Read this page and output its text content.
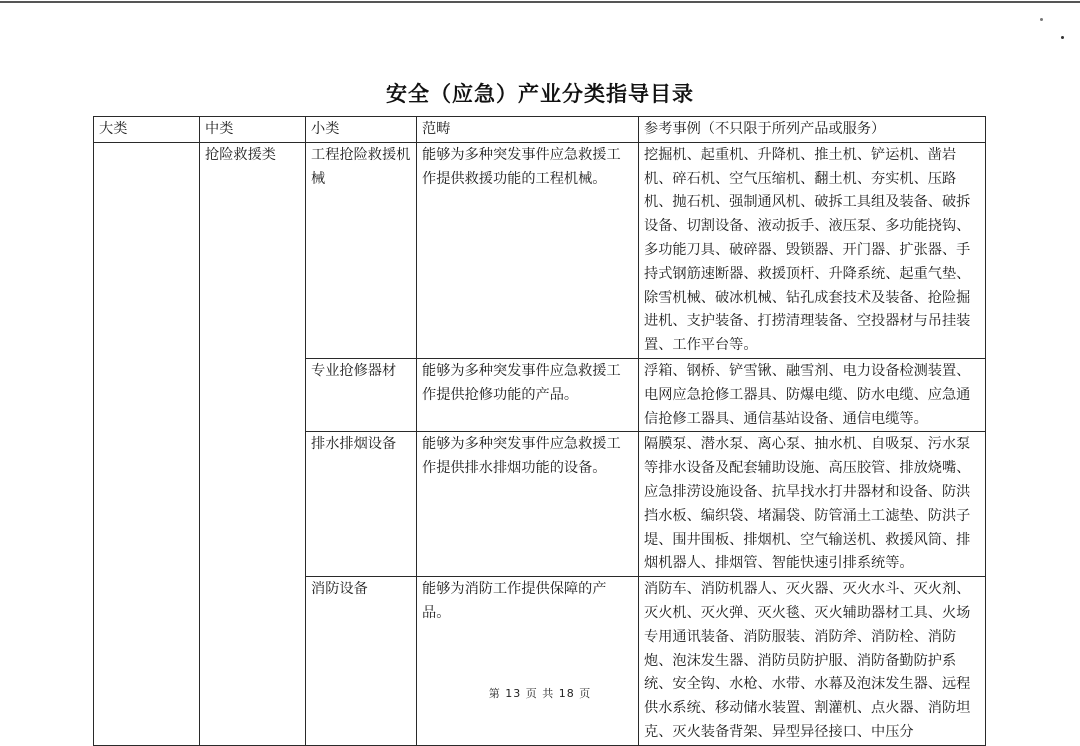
安全（应急）产业分类指导目录
大类	中类	小类	范畴	参考事例（不只限于所列产品或服务）
	抢险救援类	工程抢险救援机械	能够为多种突发事件应急救援工作提供救援功能的工程机械。	挖掘机、起重机、升降机、推土机、铲运机、凿岩机、碎石机、空气压缩机、翻土机、夯实机、压路机、抛石机、强制通风机、破拆工具组及装备、破拆设备、切割设备、液动扳手、液压泵、多功能挠钩、多功能刀具、破碎器、毁锁器、开门器、扩张器、手持式钢筋速断器、救援顶杆、升降系统、起重气垫、除雪机械、破冰机械、钻孔成套技术及装备、抢险掘进机、支护装备、打捞清理装备、空投器材与吊挂装置、工作平台等。
		专业抢修器材	能够为多种突发事件应急救援工作提供抢修功能的产品。	浮箱、钢桥、铲雪锹、融雪剂、电力设备检测装置、电网应急抢修工器具、防爆电缆、防水电缆、应急通信抢修工器具、通信基站设备、通信电缆等。
		排水排烟设备	能够为多种突发事件应急救援工作提供排水排烟功能的设备。	隔膜泵、潜水泵、离心泵、抽水机、自吸泵、污水泵等排水设备及配套辅助设施、高压胶管、排放烧嘴、应急排涝设施设备、抗旱找水打井器材和设备、防洪挡水板、编织袋、堵漏袋、防管涌土工滤垫、防洪子堤、围井围板、排烟机、空气输送机、救援风筒、排烟机器人、排烟管、智能快速引排系统等。
		消防设备	能够为消防工作提供保障的产品。	消防车、消防机器人、灭火器、灭火水斗、灭火剂、灭火机、灭火弹、灭火毯、灭火辅助器材工具、火场专用通讯装备、消防服装、消防斧、消防栓、消防炮、泡沫发生器、消防员防护服、消防备勤防护系统、安全钩、水枪、水带、水幕及泡沫发生器、远程供水系统、移动储水装置、割灌机、点火器、消防坦克、灭火装备背架、异型异径接口、中压分
第 13 页 共 18 页
